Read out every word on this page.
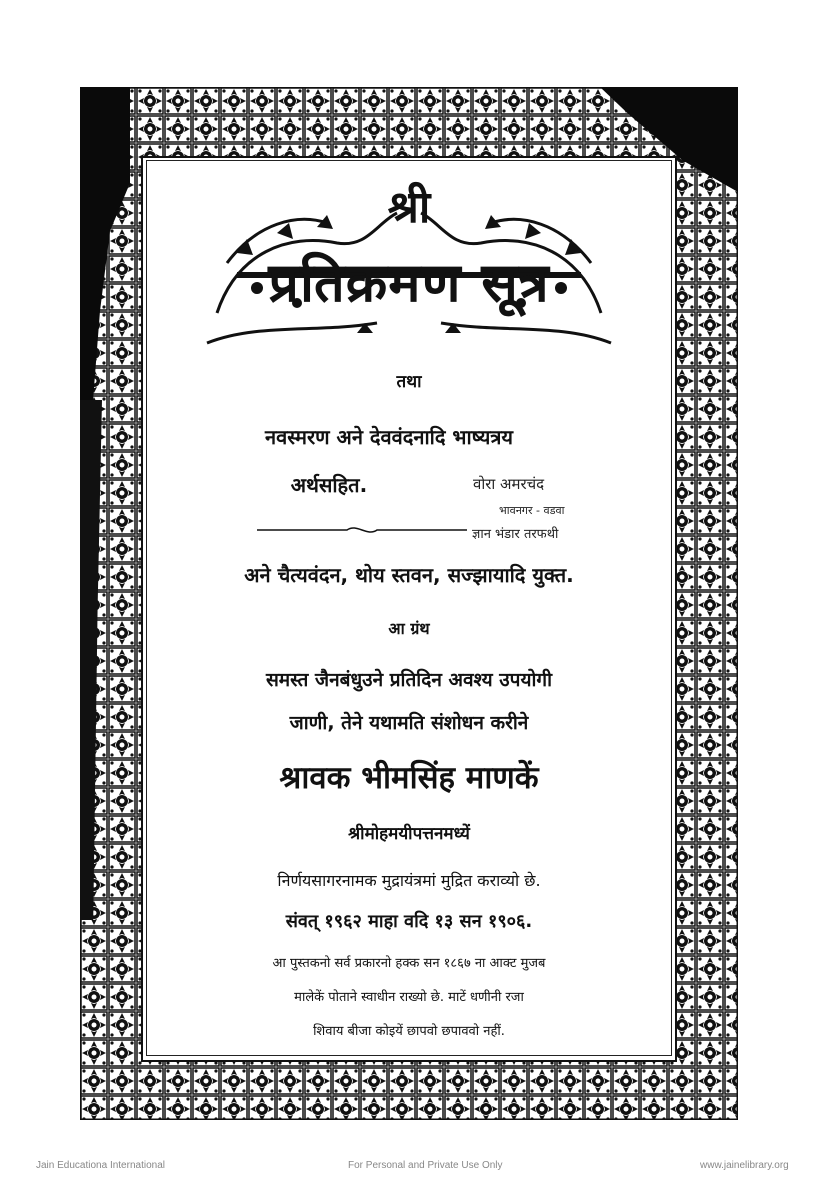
श्री
प्रतिक्रमण सूत्र
तथा
नवस्मरण अने देववंदनादि भाष्यत्रय
अर्थसहित.	वोरा अमरचंद
भावनगर - वडवा
ज्ञान भंडार तरफथी
अने चैत्यवंदन, थोय स्तवन, सज्झायादि युक्त.
आ ग्रंथ
समस्त जैनबंधुउने प्रतिदिन अवश्य उपयोगी
जाणी, तेने यथामति संशोधन करीने
श्रावक भीमसिंह माणकें
श्रीमोहमयीपत्तनमध्यें
निर्णयसागरनामक मुद्रायंत्रमां मुद्रित कराव्यो छे.
संवत् १९६२ माहा वदि १३ सन १९०६.
आ पुस्तकनो सर्व प्रकारनो हक्क सन १८६७ ना आक्ट मुजब
मालेकें पोताने स्वाधीन राख्यो छे. माटें धणीनी रजा
शिवाय बीजा कोइयें छापवो छपाववो नहीं.
Jain Educationa International	For Personal and Private Use Only	www.jainelibrary.org
